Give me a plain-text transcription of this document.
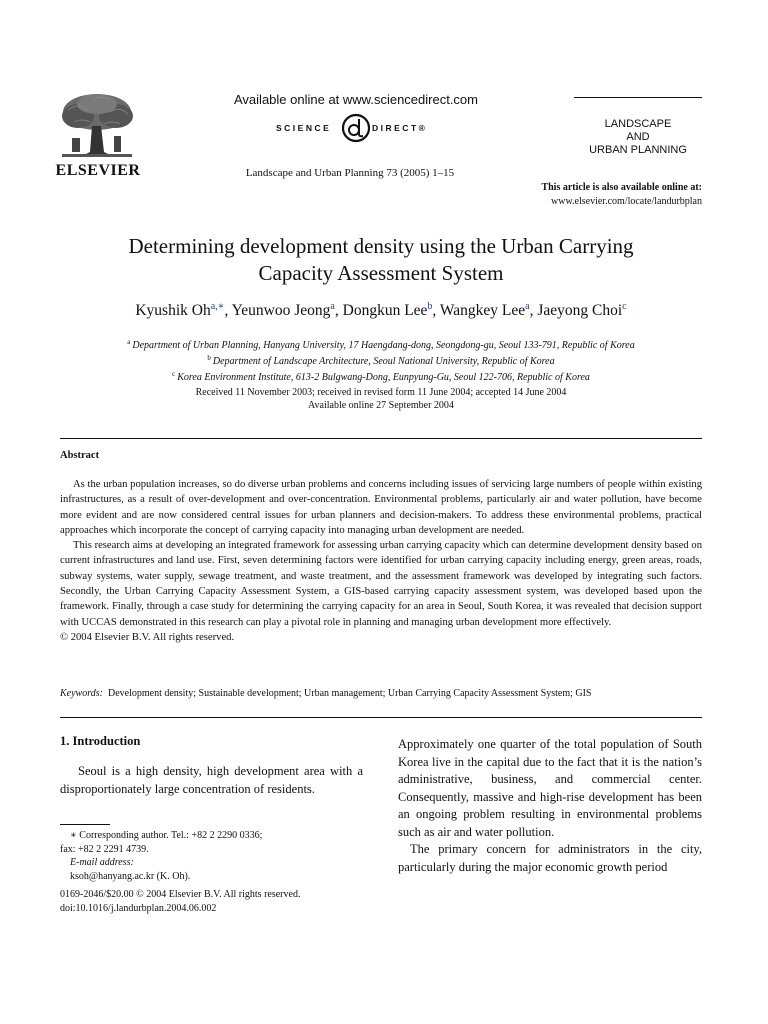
ELSEVIER
Available online at www.sciencedirect.com
SCIENCE	DIRECT®
Landscape and Urban Planning 73 (2005) 1–15
LANDSCAPE
AND
URBAN PLANNING
This article is also available online at:
www.elsevier.com/locate/landurbplan
Determining development density using the Urban Carrying
Capacity Assessment System
Kyushik Oh$^{a,∗}$, Yeunwoo Jeong$^a$, Dongkun Lee$^b$, Wangkey Lee$^a$, Jaeyong Choi$^c$
$^a$ Department of Urban Planning, Hanyang University, 17 Haengdang-dong, Seongdong-gu, Seoul 133-791, Republic of Korea
$^b$ Department of Landscape Architecture, Seoul National University, Republic of Korea
$^c$ Korea Environment Institute, 613-2 Bulgwang-Dong, Eunpyung-Gu, Seoul 122-706, Republic of Korea
Received 11 November 2003; received in revised form 11 June 2004; accepted 14 June 2004
Available online 27 September 2004
Abstract

As the urban population increases, so do diverse urban problems and concerns including issues of servicing large numbers of people within existing infrastructures, as a result of over-development and over-concentration. Environmental problems, particularly air and water pollution, have become more evident and are now considered central issues for urban planners and decision-makers. To address these environmental problems, practical approaches which incorporate the concept of carrying capacity into managing urban development are needed.

This research aims at developing an integrated framework for assessing urban carrying capacity which can determine development density based on current infrastructures and land use. First, seven determining factors were identified for urban carrying capacity including energy, green areas, roads, subway systems, water supply, sewage treatment, and waste treatment, and the assessment framework was developed by integrating such factors. Secondly, the Urban Carrying Capacity Assessment System, a GIS-based carrying capacity assessment system, was developed based upon the framework. Finally, through a case study for determining the carrying capacity for an area in Seoul, South Korea, it was revealed that decision support with UCCAS demonstrated in this research can play a pivotal role in planning and managing urban development more effectively.

© 2004 Elsevier B.V. All rights reserved.

Keywords: Development density; Sustainable development; Urban management; Urban Carrying Capacity Assessment System; GIS
1. Introduction

Seoul is a high density, high development area with a disproportionately large concentration of residents.

∗ Corresponding author. Tel.: +82 2 2290 0336;
fax: +82 2 2291 4739.
E-mail address:
ksoh@hanyang.ac.kr (K. Oh).
0169-2046/$20.00 © 2004 Elsevier B.V. All rights reserved.
doi:10.1016/j.landurbplan.2004.06.002

Approximately one quarter of the total population of South Korea live in the capital due to the fact that it is the nation’s administrative, business, and commercial center. Consequently, massive and high-rise development has been an ongoing problem resulting in environmental problems such as air and water pollution.

The primary concern for administrators in the city, particularly during the major economic growth period
